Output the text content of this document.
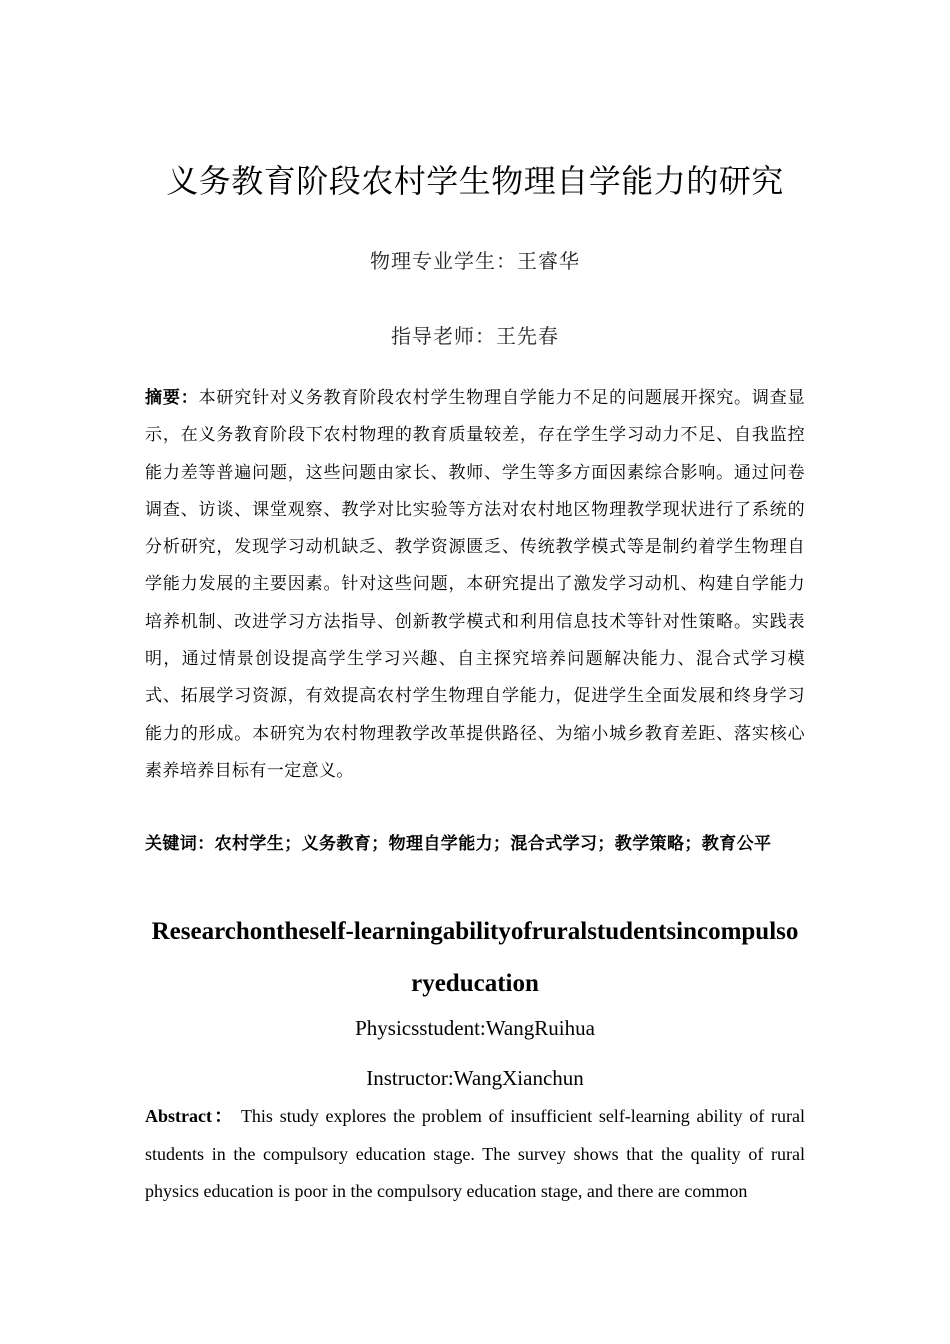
义务教育阶段农村学生物理自学能力的研究
物理专业学生：王睿华
指导老师：王先春
摘要：本研究针对义务教育阶段农村学生物理自学能力不足的问题展开探究。调查显示，在义务教育阶段下农村物理的教育质量较差，存在学生学习动力不足、自我监控能力差等普遍问题，这些问题由家长、教师、学生等多方面因素综合影响。通过问卷调查、访谈、课堂观察、教学对比实验等方法对农村地区物理教学现状进行了系统的分析研究，发现学习动机缺乏、教学资源匮乏、传统教学模式等是制约着学生物理自学能力发展的主要因素。针对这些问题，本研究提出了激发学习动机、构建自学能力培养机制、改进学习方法指导、创新教学模式和利用信息技术等针对性策略。实践表明，通过情景创设提高学生学习兴趣、自主探究培养问题解决能力、混合式学习模式、拓展学习资源，有效提高农村学生物理自学能力，促进学生全面发展和终身学习能力的形成。本研究为农村物理教学改革提供路径、为缩小城乡教育差距、落实核心素养培养目标有一定意义。
关键词：农村学生；义务教育；物理自学能力；混合式学习；教学策略；教育公平
Researchontheself-learningabilityofruralstudentsincompulsoryeducation
Physicsstudent:WangRuihua
Instructor:WangXianchun
Abstract： This study explores the problem of insufficient self-learning ability of rural students in the compulsory education stage. The survey shows that the quality of rural physics education is poor in the compulsory education stage, and there are common
